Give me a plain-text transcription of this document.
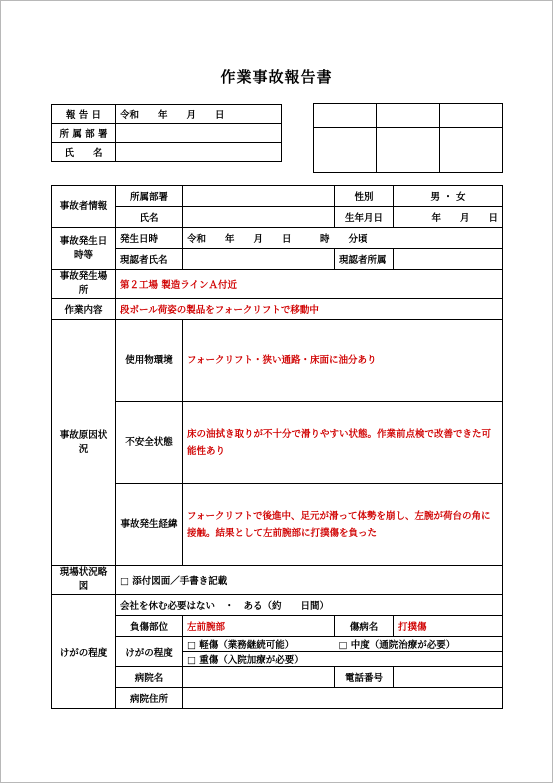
作業事故報告書
報 告 日	令和　　年　　月　　日
所 属 部 署	
氏　　名	

事故者情報	所属部署		性別	男 ・ 女
	氏名		生年月日	年　　月　　日
事故発生日時等	発生日時	令和　　年　　月　　日　　　時　　分頃		
	現認者氏名		現認者所属	
事故発生場所	第２工場 製造ラインＡ付近			
作業内容	段ボール荷姿の製品をフォークリフトで移動中			
事故原因状況	使用物環境	フォークリフト・狭い通路・床面に油分あり		
	不安全状態	床の油拭き取りが不十分で滑りやすい状態。作業前点検で改善できた可能性あり		
	事故発生経緯	フォークリフトで後進中、足元が滑って体勢を崩し、左腕が荷台の角に接触。結果として左前腕部に打撲傷を負った		
現場状況略図	□ 添付図面／手書き記載			
けがの程度	会社を休む必要はない　・　ある（約　　日間）			
	負傷部位	左前腕部	傷病名	打撲傷
	けがの程度	□ 軽傷（業務継続可能）	□ 中度（通院治療が必要）	
		□ 重傷（入院加療が必要）		
	病院名		電話番号	
	病院住所			
